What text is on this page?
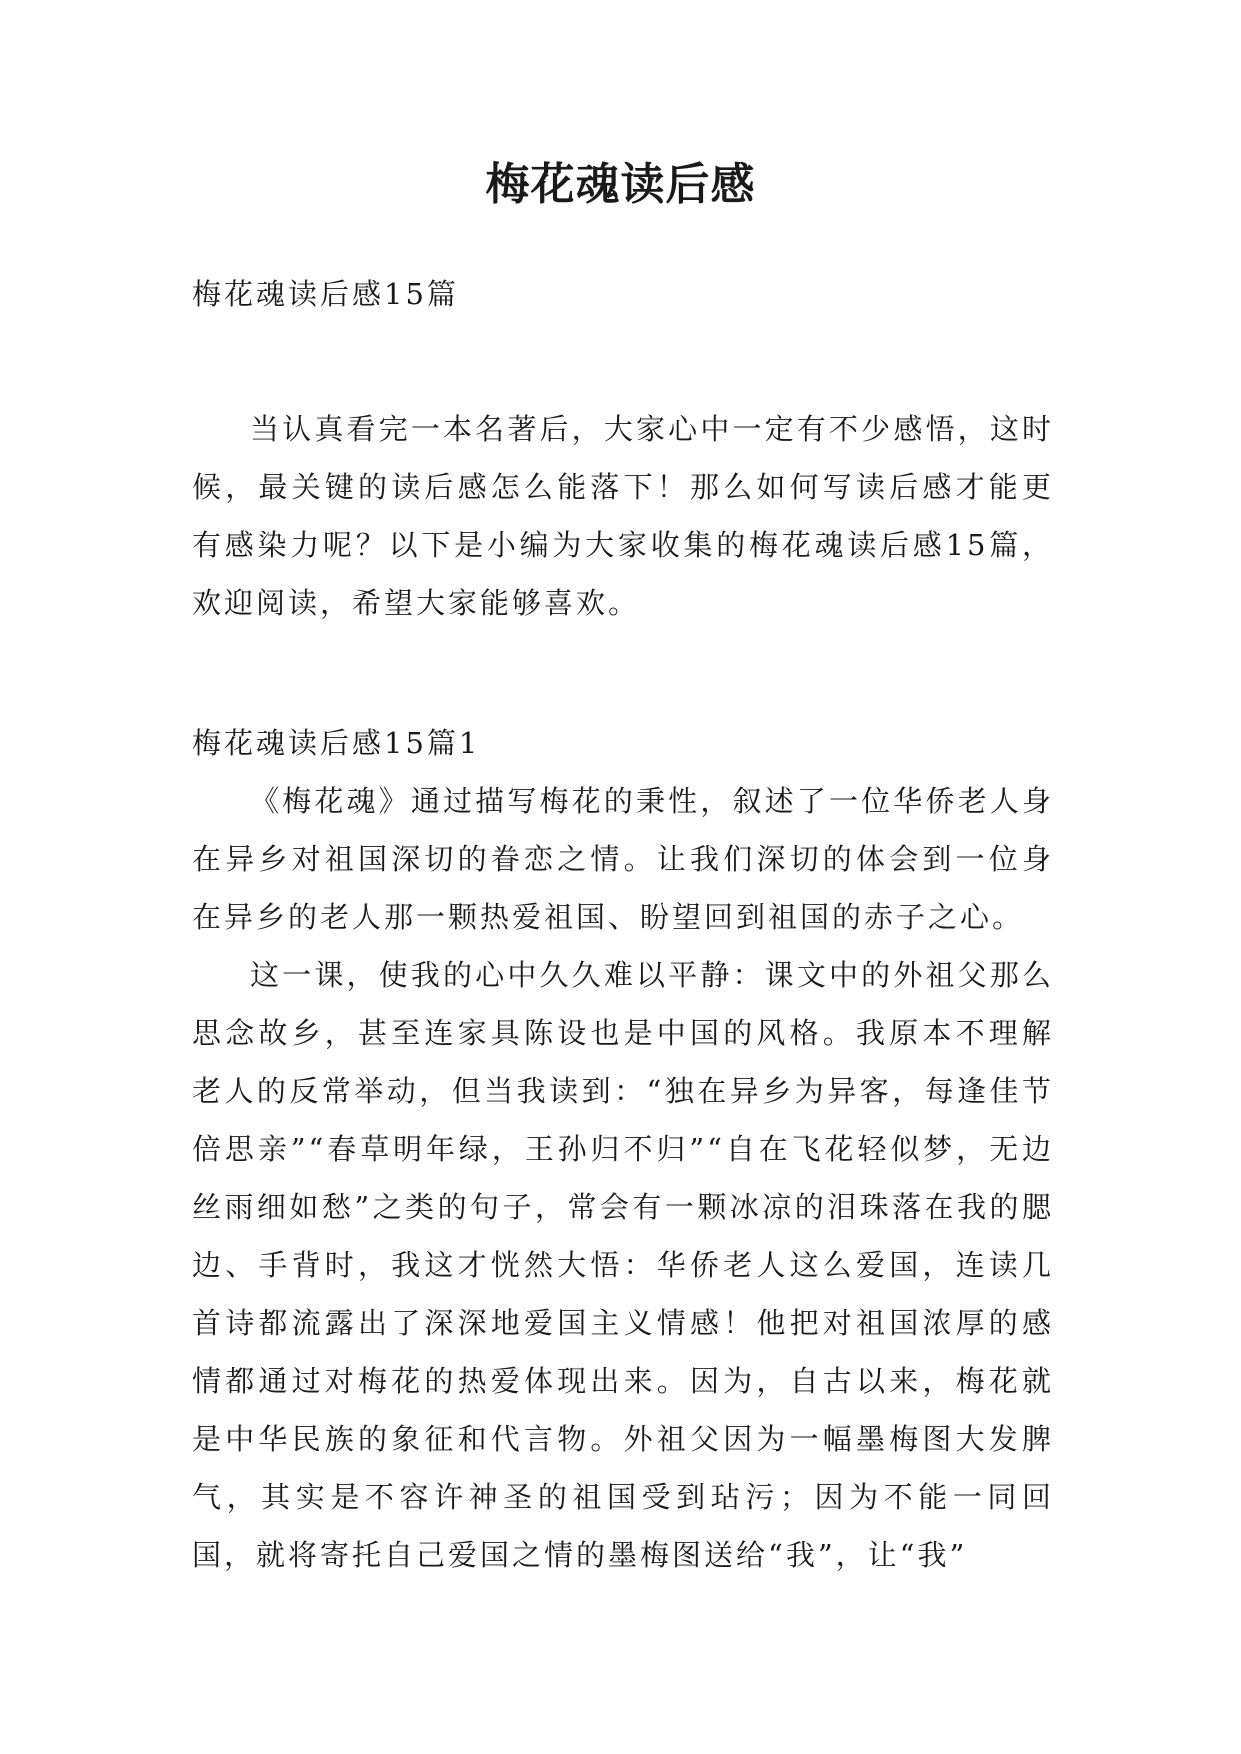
梅花魂读后感

梅花魂读后感15篇

当认真看完一本名著后，大家心中一定有不少感悟，这时候，最关键的读后感怎么能落下！那么如何写读后感才能更有感染力呢？以下是小编为大家收集的梅花魂读后感15篇，欢迎阅读，希望大家能够喜欢。

梅花魂读后感15篇1

《梅花魂》通过描写梅花的秉性，叙述了一位华侨老人身在异乡对祖国深切的眷恋之情。让我们深切的体会到一位身在异乡的老人那一颗热爱祖国、盼望回到祖国的赤子之心。

这一课，使我的心中久久难以平静：课文中的外祖父那么思念故乡，甚至连家具陈设也是中国的风格。我原本不理解老人的反常举动，但当我读到：“独在异乡为异客，每逢佳节倍思亲”“春草明年绿，王孙归不归”“自在飞花轻似梦，无边丝雨细如愁”之类的句子，常会有一颗冰凉的泪珠落在我的腮边、手背时，我这才恍然大悟：华侨老人这么爱国，连读几首诗都流露出了深深地爱国主义情感！他把对祖国浓厚的感情都通过对梅花的热爱体现出来。因为，自古以来，梅花就是中华民族的象征和代言物。外祖父因为一幅墨梅图大发脾气，其实是不容许神圣的祖国受到玷污；因为不能一同回国，就将寄托自己爱国之情的墨梅图送给“我”，让“我”
